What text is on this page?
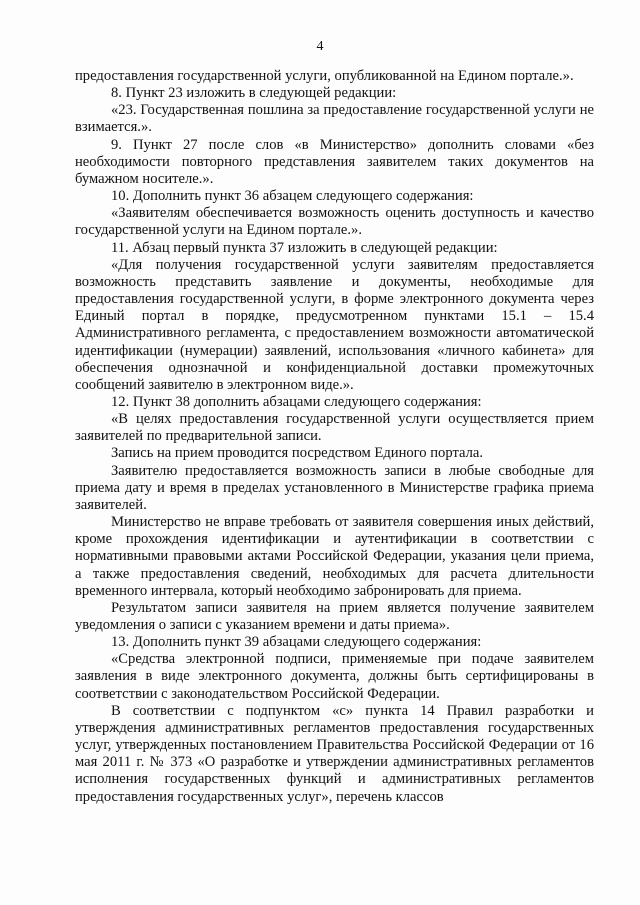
4

предоставления государственной услуги, опубликованной на Едином портале.».

8. Пункт 23 изложить в следующей редакции:

«23. Государственная пошлина за предоставление государственной услуги не взимается.».

9. Пункт 27 после слов «в Министерство» дополнить словами «без необходимости повторного представления заявителем таких документов на бумажном носителе.».

10. Дополнить пункт 36 абзацем следующего содержания:

«Заявителям обеспечивается возможность оценить доступность и качество государственной услуги на Едином портале.».

11. Абзац первый пункта 37 изложить в следующей редакции:

«Для получения государственной услуги заявителям предоставляется возможность представить заявление и документы, необходимые для предоставления государственной услуги, в форме электронного документа через Единый портал в порядке, предусмотренном пунктами 15.1 – 15.4 Административного регламента, с предоставлением возможности автоматической идентификации (нумерации) заявлений, использования «личного кабинета» для обеспечения однозначной и конфиденциальной доставки промежуточных сообщений заявителю в электронном виде.».

12. Пункт 38 дополнить абзацами следующего содержания:

«В целях предоставления государственной услуги осуществляется прием заявителей по предварительной записи.

Запись на прием проводится посредством Единого портала.

Заявителю предоставляется возможность записи в любые свободные для приема дату и время в пределах установленного в Министерстве графика приема заявителей.

Министерство не вправе требовать от заявителя совершения иных действий, кроме прохождения идентификации и аутентификации в соответствии с нормативными правовыми актами Российской Федерации, указания цели приема, а также предоставления сведений, необходимых для расчета длительности временного интервала, который необходимо забронировать для приема.

Результатом записи заявителя на прием является получение заявителем уведомления о записи с указанием времени и даты приема».

13. Дополнить пункт 39 абзацами следующего содержания:

«Средства электронной подписи, применяемые при подаче заявителем заявления в виде электронного документа, должны быть сертифицированы в соответствии с законодательством Российской Федерации.

В соответствии с подпунктом «с» пункта 14 Правил разработки и утверждения административных регламентов предоставления государственных услуг, утвержденных постановлением Правительства Российской Федерации от 16 мая 2011 г. № 373 «О разработке и утверждении административных регламентов исполнения государственных функций и административных регламентов предоставления государственных услуг», перечень классов
